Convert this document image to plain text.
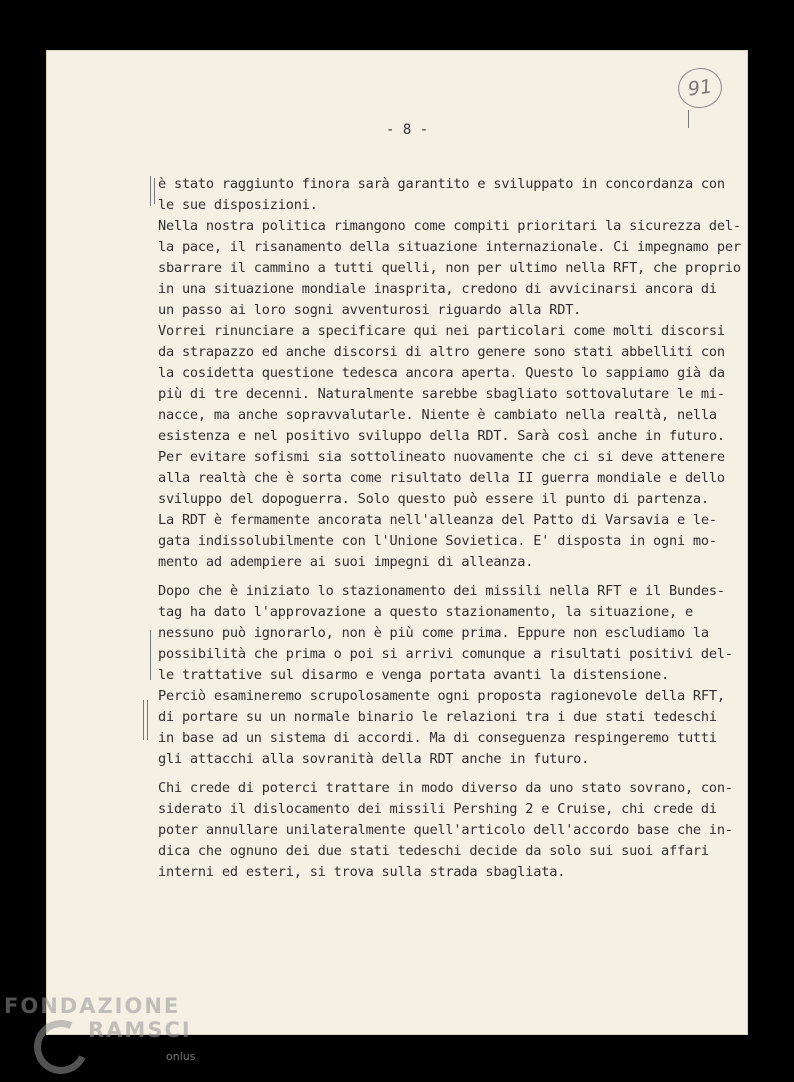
91
- 8 -
è stato raggiunto finora sarà garantito e sviluppato in concordanza con
le sue disposizioni.
Nella nostra politica rimangono come compiti prioritari la sicurezza del-
la pace, il risanamento della situazione internazionale. Ci impegnamo per
sbarrare il cammino a tutti quelli, non per ultimo nella RFT, che proprio
in una situazione mondiale inasprita, credono di avvicinarsi ancora di
un passo ai loro sogni avventurosi riguardo alla RDT.
Vorrei rinunciare a specificare qui nei particolari come molti discorsi
da strapazzo ed anche discorsi di altro genere sono stati abbelliti con
la cosidetta questione tedesca ancora aperta. Questo lo sappiamo già da
più di tre decenni. Naturalmente sarebbe sbagliato sottovalutare le mi-
nacce, ma anche sopravvalutarle. Niente è cambiato nella realtà, nella
esistenza e nel positivo sviluppo della RDT. Sarà così anche in futuro.
Per evitare sofismi sia sottolineato nuovamente che ci si deve attenere
alla realtà che è sorta come risultato della II guerra mondiale e dello
sviluppo del dopoguerra. Solo questo può essere il punto di partenza.
La RDT è fermamente ancorata nell'alleanza del Patto di Varsavia e le-
gata indissolubilmente con l'Unione Sovietica. E' disposta in ogni mo-
mento ad adempiere ai suoi impegni di alleanza.
Dopo che è iniziato lo stazionamento dei missili nella RFT e il Bundes-
tag ha dato l'approvazione a questo stazionamento, la situazione, e
nessuno può ignorarlo, non è più come prima. Eppure non escludiamo la
possibilità che prima o poi si arrivi comunque a risultati positivi del-
le trattative sul disarmo e venga portata avanti la distensione.
Perciò esamineremo scrupolosamente ogni proposta ragionevole della RFT,
di portare su un normale binario le relazioni tra i due stati tedeschi
in base ad un sistema di accordi. Ma di conseguenza respingeremo tutti
gli attacchi alla sovranità della RDT anche in futuro.
Chi crede di poterci trattare in modo diverso da uno stato sovrano, con-
siderato il dislocamento dei missili Pershing 2 e Cruise, chi crede di
poter annullare unilateralmente quell'articolo dell'accordo base che in-
dica che ognuno dei due stati tedeschi decide da solo sui suoi affari
interni ed esteri, si trova sulla strada sbagliata.
FONDAZIONE
RAMSCI
onlus
